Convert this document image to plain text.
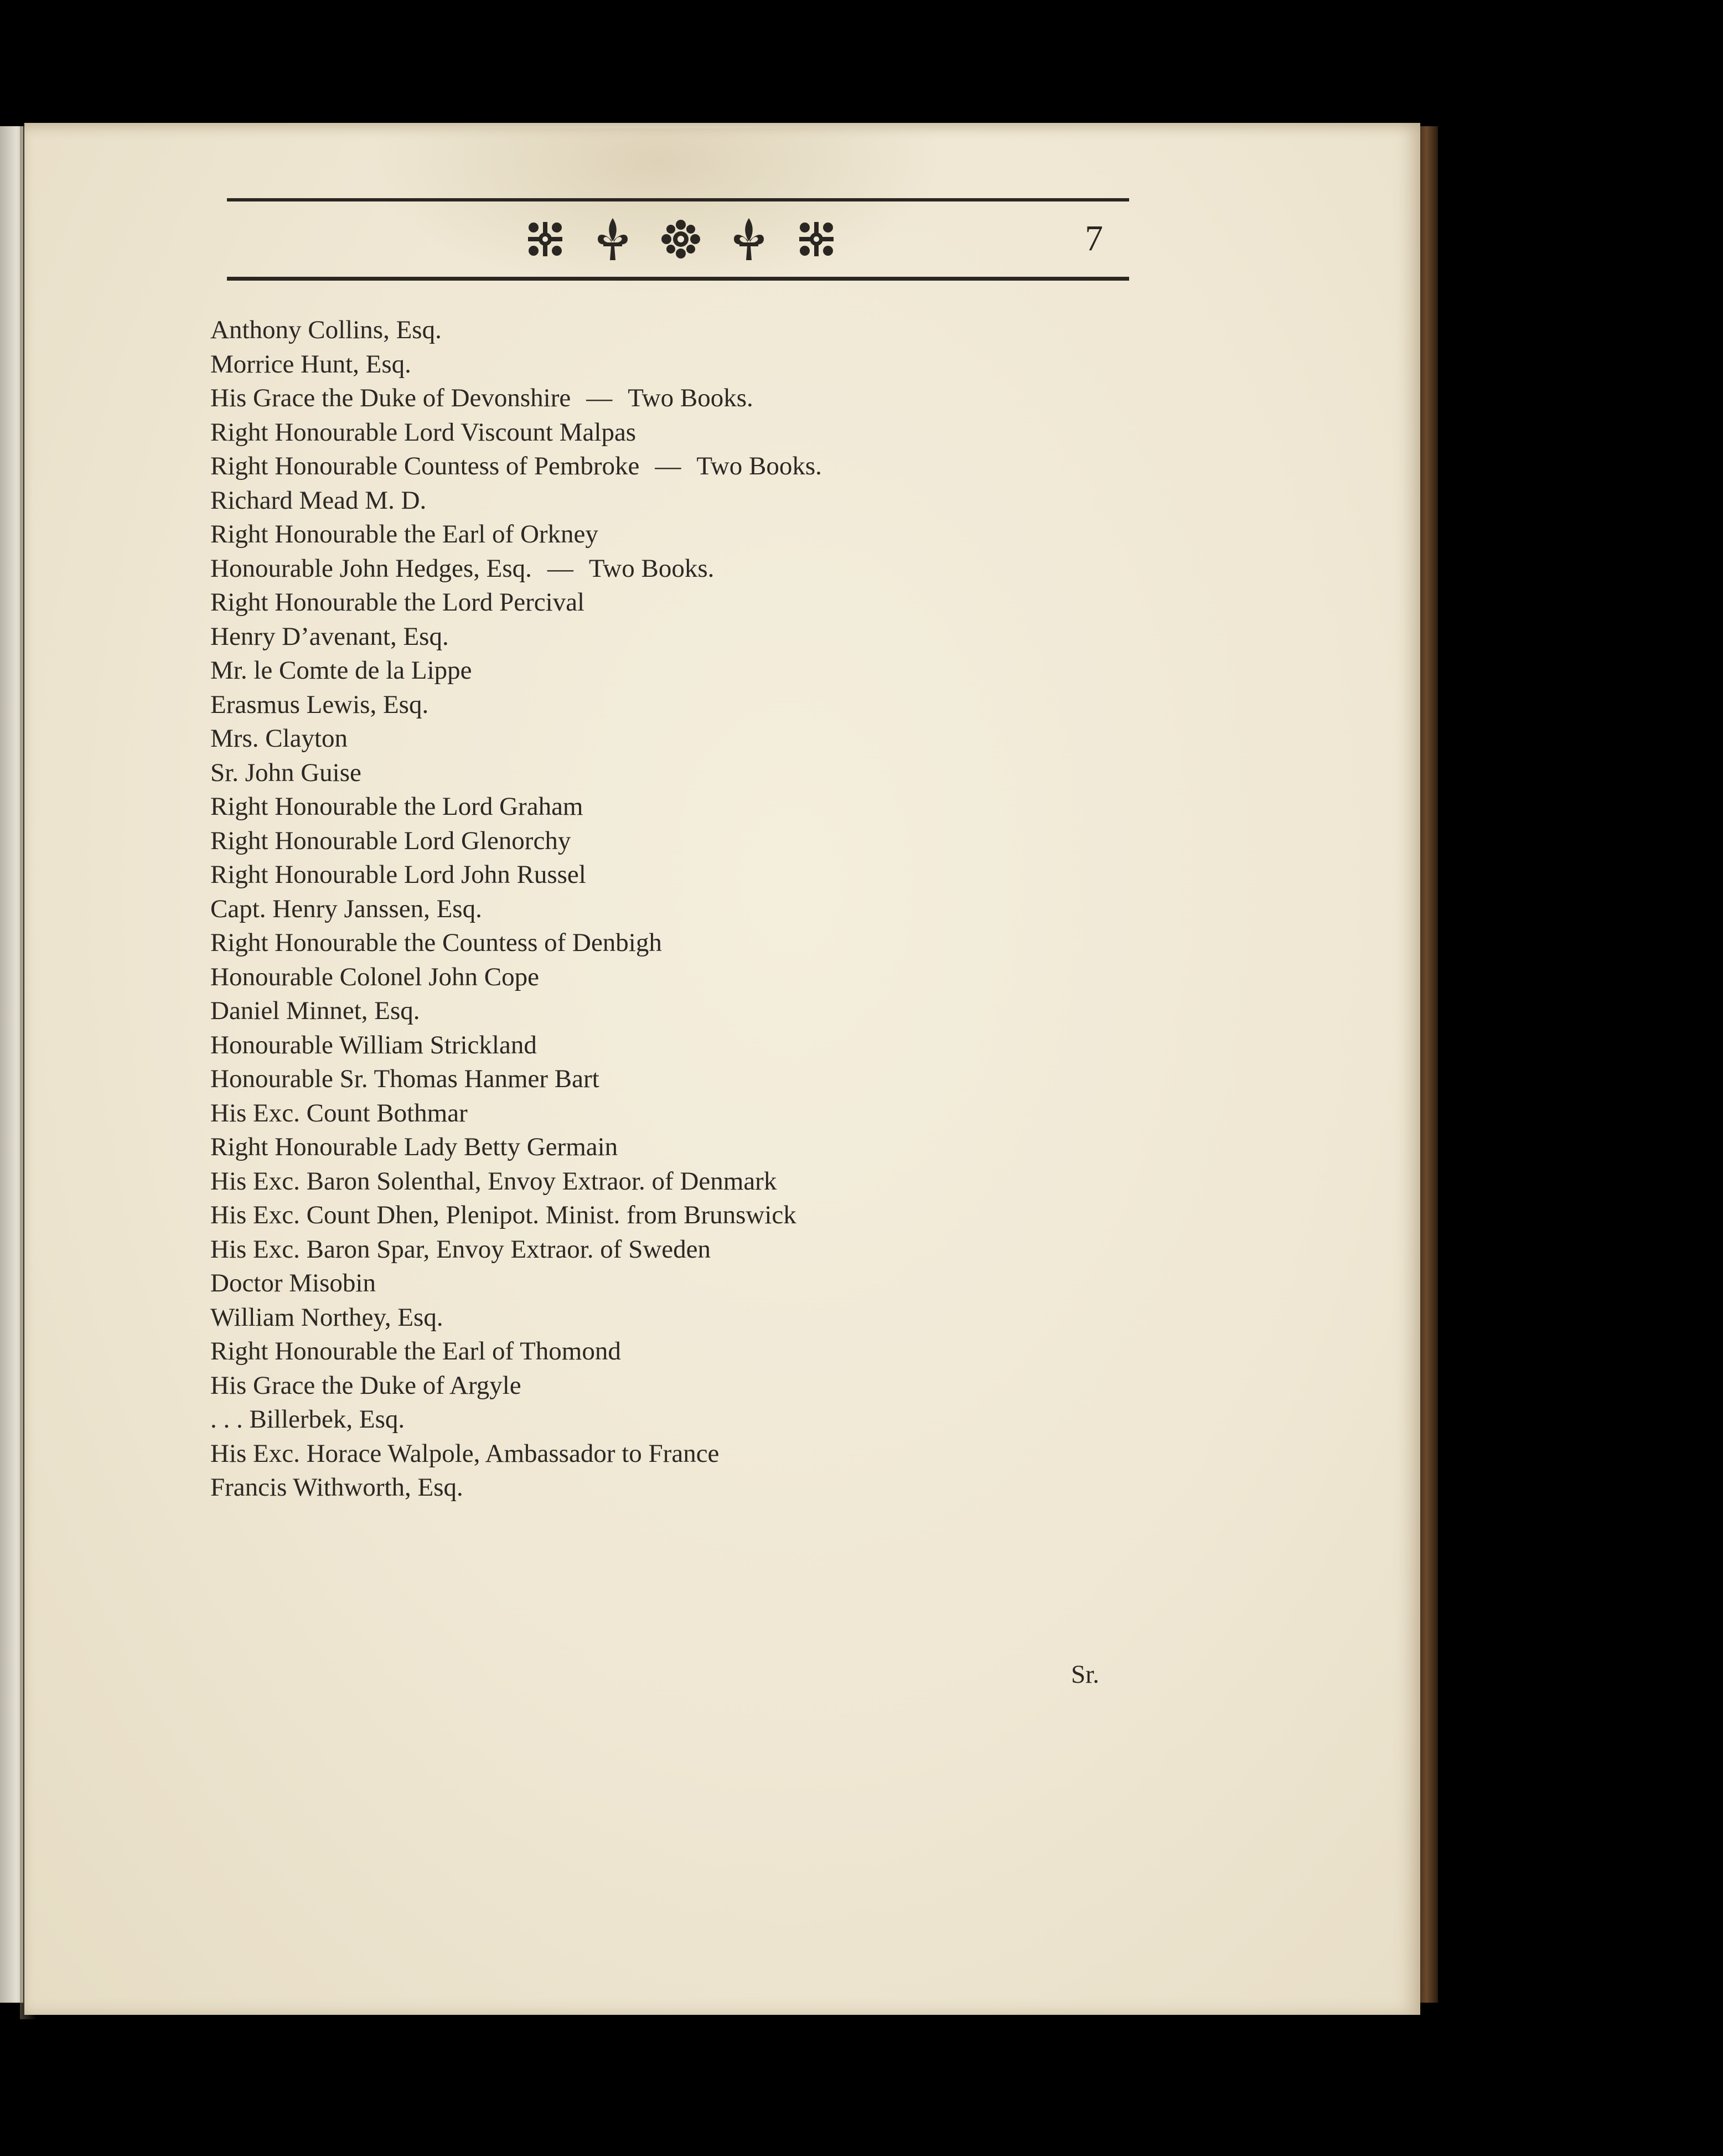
7
Anthony Collins, Esq.
Morrice Hunt, Esq.
His Grace the Duke of Devonshire — Two Books.
Right Honourable Lord Viscount Malpas
Right Honourable Countess of Pembroke — Two Books.
Richard Mead M. D.
Right Honourable the Earl of Orkney
Honourable John Hedges, Esq. — Two Books.
Right Honourable the Lord Percival
Henry D’avenant, Esq.
Mr. le Comte de la Lippe
Erasmus Lewis, Esq.
Mrs. Clayton
Sr. John Guise
Right Honourable the Lord Graham
Right Honourable Lord Glenorchy
Right Honourable Lord John Russel
Capt. Henry Janssen, Esq.
Right Honourable the Countess of Denbigh
Honourable Colonel John Cope
Daniel Minnet, Esq.
Honourable William Strickland
Honourable Sr. Thomas Hanmer Bart
His Exc. Count Bothmar
Right Honourable Lady Betty Germain
His Exc. Baron Solenthal, Envoy Extraor. of Denmark
His Exc. Count Dhen, Plenipot. Minist. from Brunswick
His Exc. Baron Spar, Envoy Extraor. of Sweden
Doctor Misobin
William Northey, Esq.
Right Honourable the Earl of Thomond
His Grace the Duke of Argyle
. . . Billerbek, Esq.
His Exc. Horace Walpole, Ambassador to France
Francis Withworth, Esq.
Sr.
